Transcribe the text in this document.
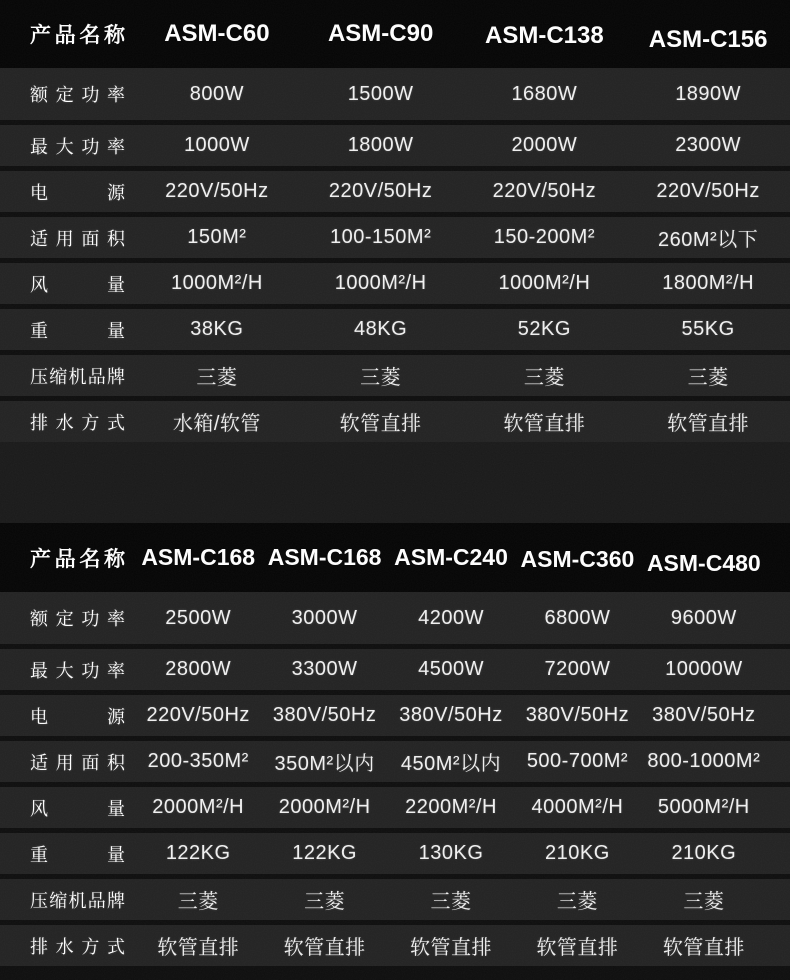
产品名称	ASM-C60	ASM-C90	ASM-C138	ASM-C156
额定功率	800W	1500W	1680W	1890W
最大功率	1000W	1800W	2000W	2300W
电源	220V/50Hz	220V/50Hz	220V/50Hz	220V/50Hz
适用面积	150M²	100-150M²	150-200M²	260M²以下
风量	1000M²/H	1000M²/H	1000M²/H	1800M²/H
重量	38KG	48KG	52KG	55KG
压缩机品牌	三菱	三菱	三菱	三菱
排水方式	水箱/软管	软管直排	软管直排	软管直排
产品名称 ASM-C168 ASM-C168 ASM-C240 ASM-C360 ASM-C480
额定功率	2500W	3000W	4200W	6800W	9600W
最大功率	2800W	3300W	4500W	7200W	10000W
电源	220V/50Hz	380V/50Hz	380V/50Hz	380V/50Hz	380V/50Hz
适用面积	200-350M²	350M²以内	450M²以内	500-700M² 800-1000M²
风量	2000M²/H	2000M²/H	2200M²/H	4000M²/H	5000M²/H
重量	122KG	122KG	130KG	210KG	210KG
压缩机品牌	三菱	三菱	三菱	三菱	三菱
排水方式	软管直排	软管直排	软管直排	软管直排	软管直排
